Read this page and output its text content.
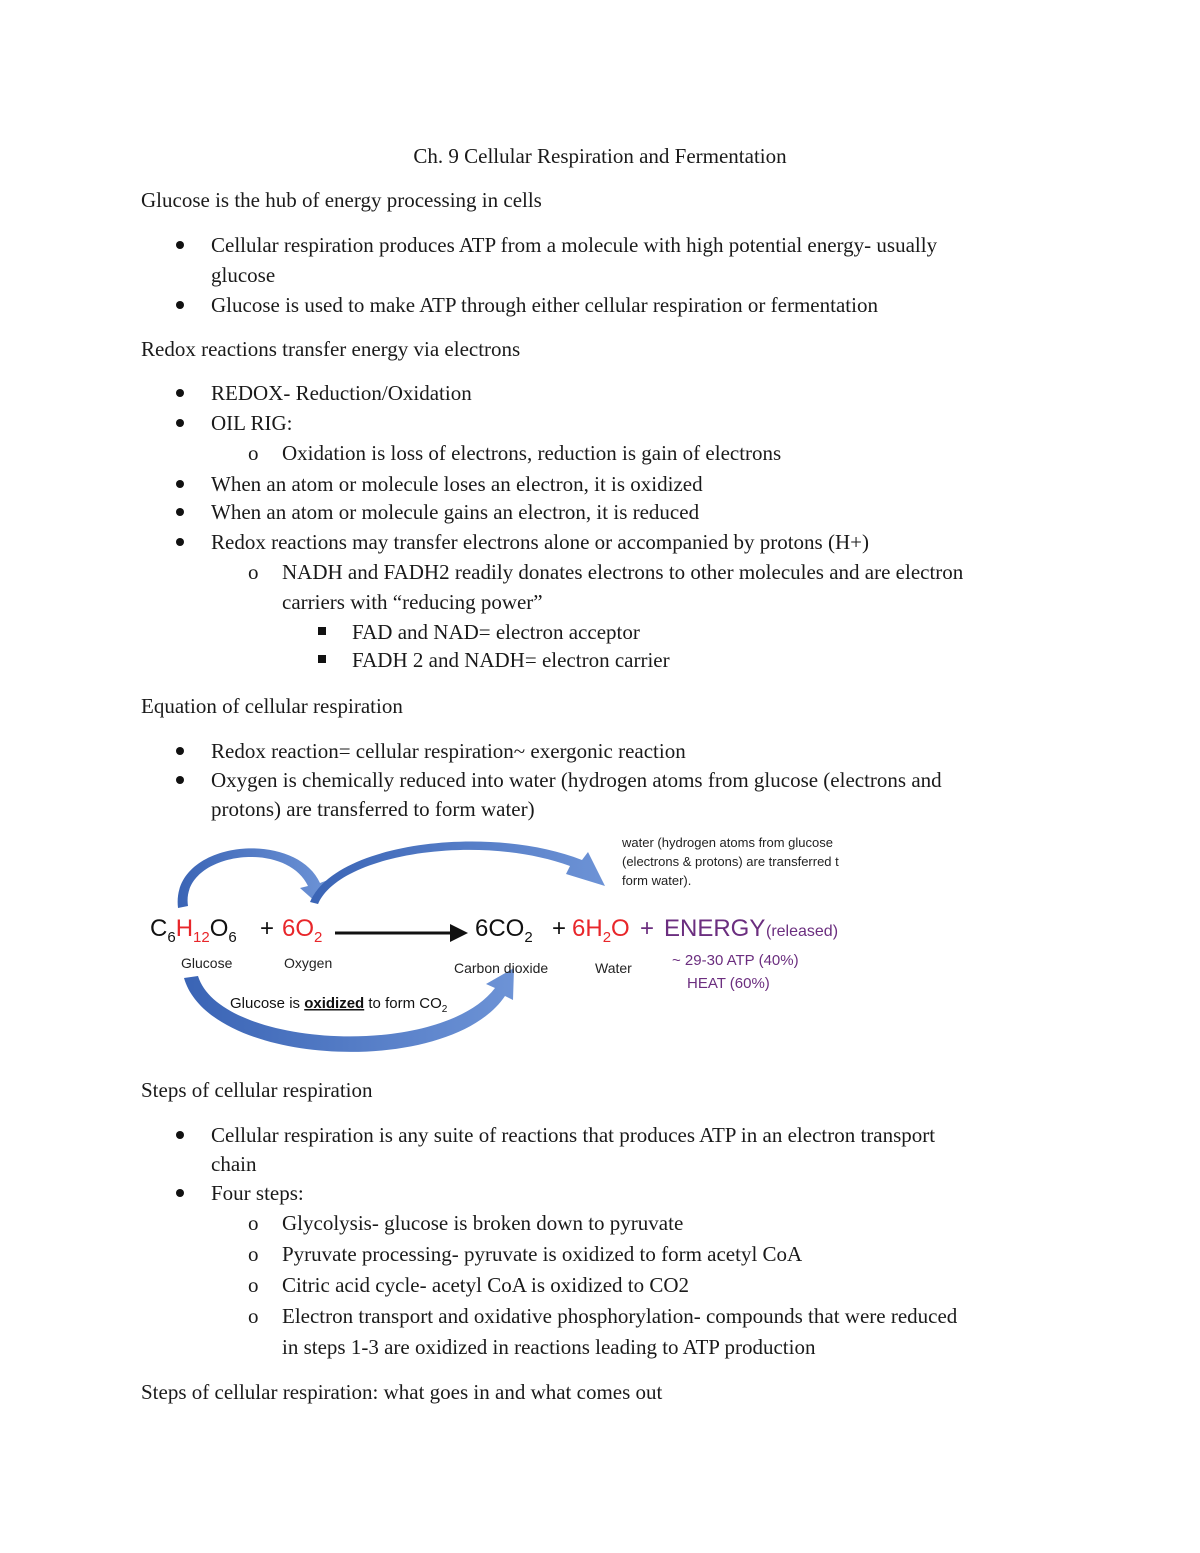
Ch. 9 Cellular Respiration and Fermentation
Glucose is the hub of energy processing in cells
Cellular respiration produces ATP from a molecule with high potential energy- usually
glucose
Glucose is used to make ATP through either cellular respiration or fermentation
Redox reactions transfer energy via electrons
REDOX- Reduction/Oxidation
OIL RIG:
o Oxidation is loss of electrons, reduction is gain of electrons
When an atom or molecule loses an electron, it is oxidized
When an atom or molecule gains an electron, it is reduced
Redox reactions may transfer electrons alone or accompanied by protons (H+)
o NADH and FADH2 readily donates electrons to other molecules and are electron
carriers with “reducing power”
FAD and NAD= electron acceptor
FADH 2 and NADH= electron carrier
Equation of cellular respiration
Redox reaction= cellular respiration~ exergonic reaction
Oxygen is chemically reduced into water (hydrogen atoms from glucose (electrons and
protons) are transferred to form water)
water (hydrogen atoms from glucose
(electrons & protons) are transferred t
form water).
$C_6H_{12}O_6 + 6O_2$	$6CO_2 + 6H_2O$ + ENERGY (released)
Glucose	Oxygen	Carbon dioxide	Water	~ 29-30 ATP (40%)
HEAT (60%)
Glucose is oxidized to form $CO_2$
Steps of cellular respiration
Cellular respiration is any suite of reactions that produces ATP in an electron transport
chain
Four steps:
o Glycolysis- glucose is broken down to pyruvate
o Pyruvate processing- pyruvate is oxidized to form acetyl CoA
o Citric acid cycle- acetyl CoA is oxidized to CO2
o Electron transport and oxidative phosphorylation- compounds that were reduced
in steps 1-3 are oxidized in reactions leading to ATP production
Steps of cellular respiration: what goes in and what comes out
